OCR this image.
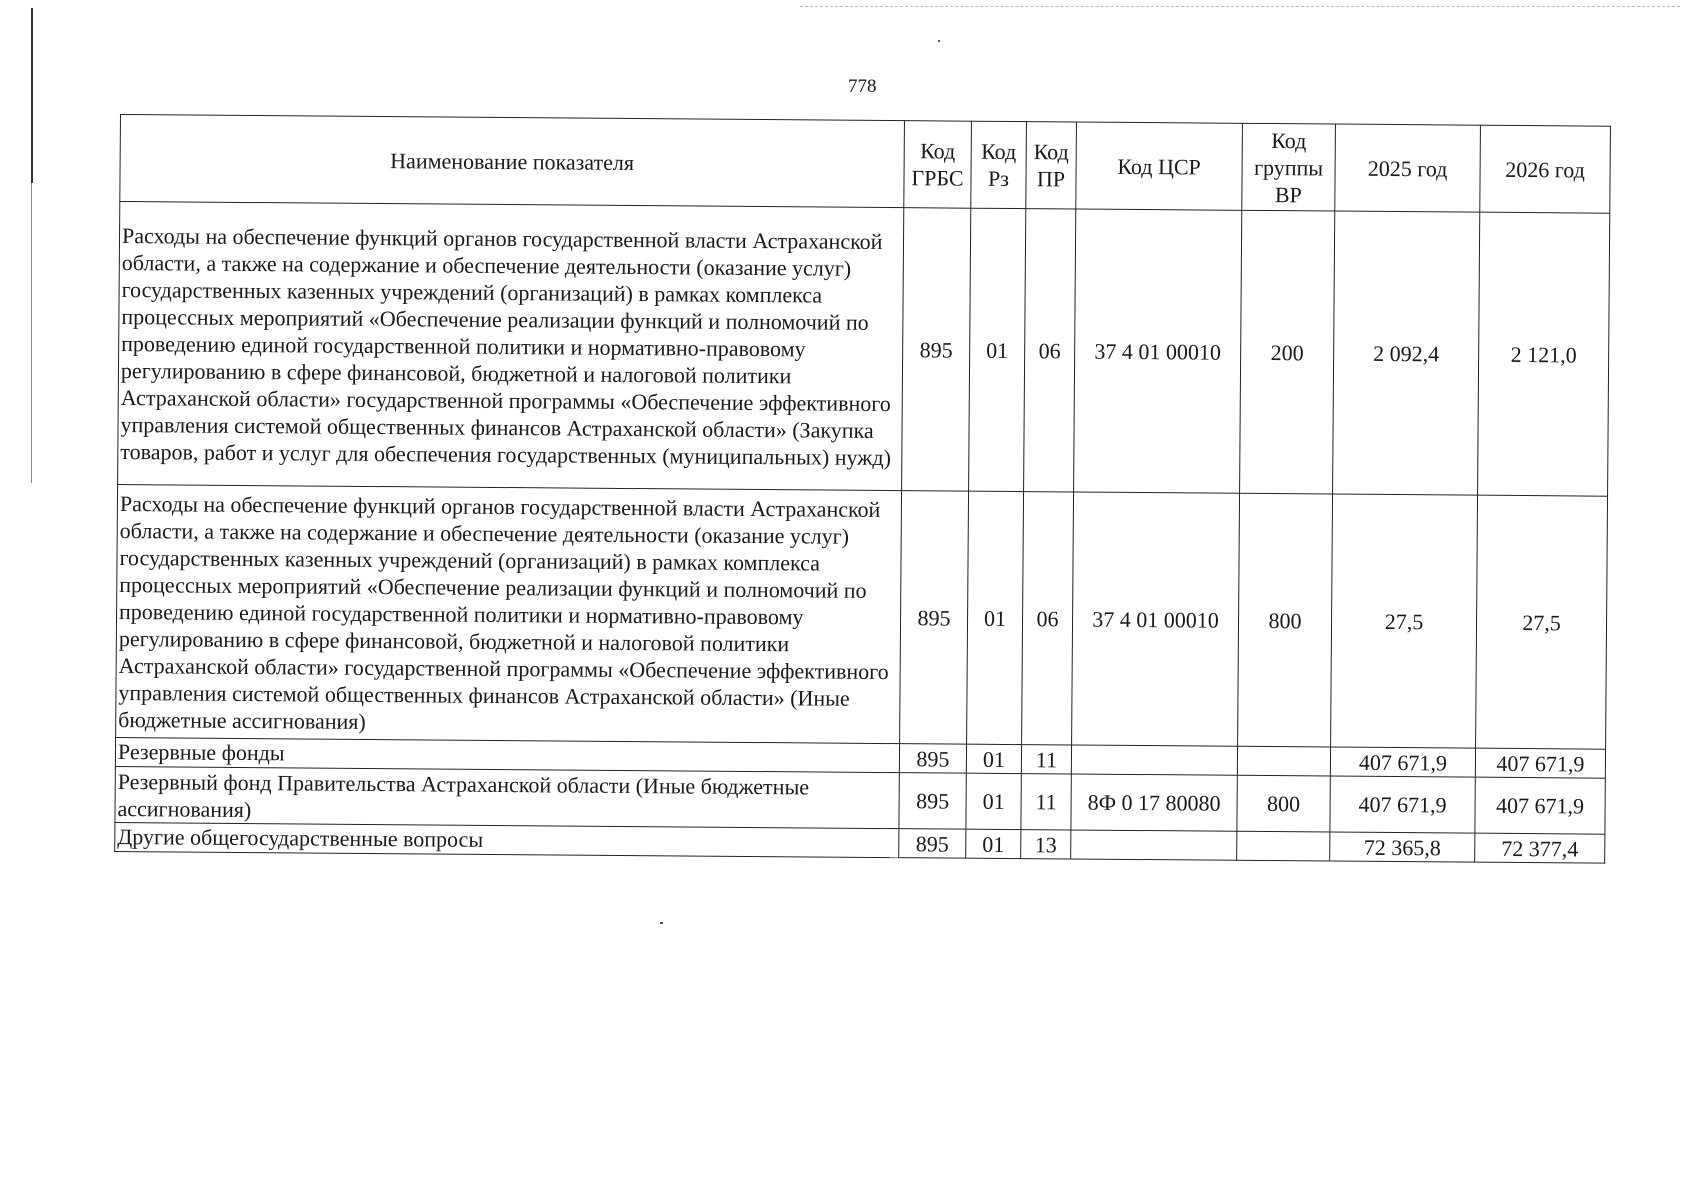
778
Наименование показателя	Код ГРБС	Код Рз	Код ПР	Код ЦСР	Код группы ВР	2025 год	2026 год
Расходы на обеспечение функций органов государственной власти Астраханской области, а также на содержание и обеспечение деятельности (оказание услуг) государственных казенных учреждений (организаций) в рамках комплекса процессных мероприятий «Обеспечение реализации функций и полномочий по проведению единой государственной политики и нормативно-правовому регулированию в сфере финансовой, бюджетной и налоговой политики Астраханской области» государственной программы «Обеспечение эффективного управления системой общественных финансов Астраханской области» (Закупка товаров, работ и услуг для обеспечения государственных (муниципальных) нужд)	895	01	06	37 4 01 00010	200	2 092,4	2 121,0
Расходы на обеспечение функций органов государственной власти Астраханской области, а также на содержание и обеспечение деятельности (оказание услуг) государственных казенных учреждений (организаций) в рамках комплекса процессных мероприятий «Обеспечение реализации функций и полномочий по проведению единой государственной политики и нормативно-правовому регулированию в сфере финансовой, бюджетной и налоговой политики Астраханской области» государственной программы «Обеспечение эффективного управления системой общественных финансов Астраханской области» (Иные бюджетные ассигнования)	895	01	06	37 4 01 00010	800	27,5	27,5
Резервные фонды	895	01	11			407 671,9	407 671,9
Резервный фонд Правительства Астраханской области (Иные бюджетные ассигнования)	895	01	11	8Ф 0 17 80080	800	407 671,9	407 671,9
Другие общегосударственные вопросы	895	01	13			72 365,8	72 377,4
